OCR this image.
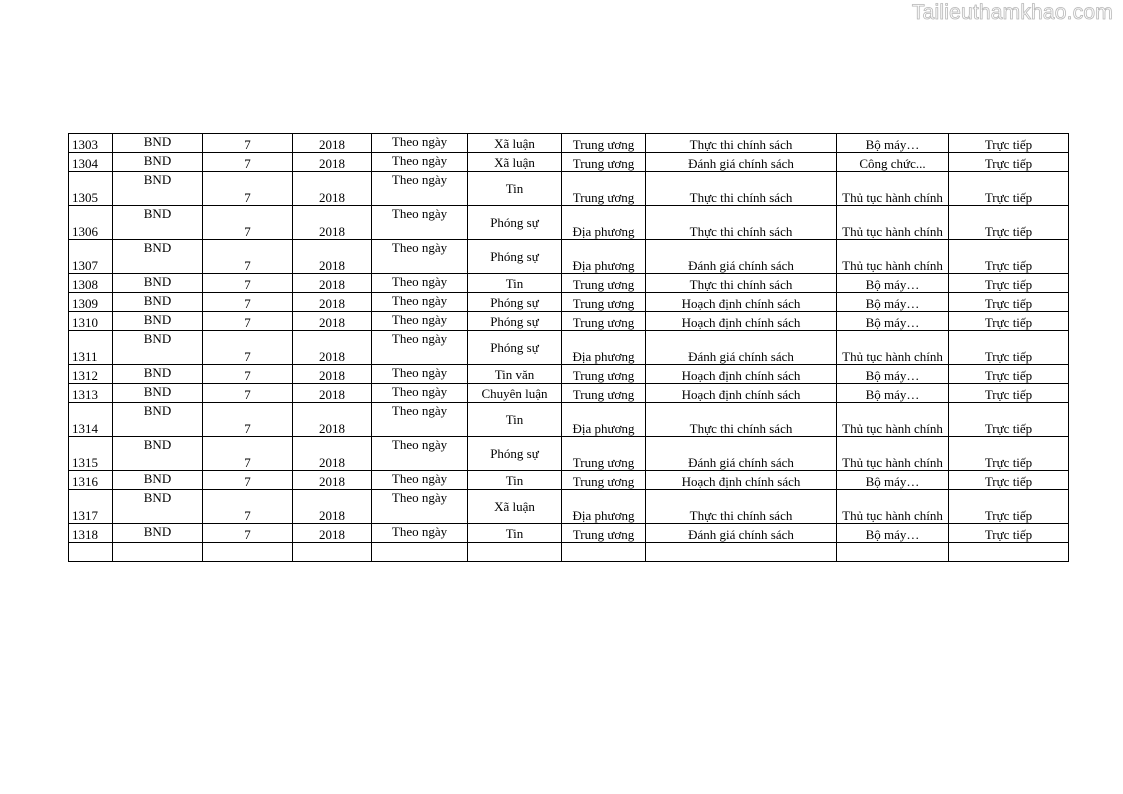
Tailieuthamkhao.com
1303	BND	7	2018	Theo ngày	Xã luận	Trung ương	Thực thi chính sách	Bộ máy…	Trực tiếp
1304	BND	7	2018	Theo ngày	Xã luận	Trung ương	Đánh giá chính sách	Công chức...	Trực tiếp
1305	BND	7	2018	Theo ngày	Tin	Trung ương	Thực thi chính sách	Thủ tục hành chính	Trực tiếp
1306	BND	7	2018	Theo ngày	Phóng sự	Địa phương	Thực thi chính sách	Thủ tục hành chính	Trực tiếp
1307	BND	7	2018	Theo ngày	Phóng sự	Địa phương	Đánh giá chính sách	Thủ tục hành chính	Trực tiếp
1308	BND	7	2018	Theo ngày	Tin	Trung ương	Thực thi chính sách	Bộ máy…	Trực tiếp
1309	BND	7	2018	Theo ngày	Phóng sự	Trung ương	Hoạch định chính sách	Bộ máy…	Trực tiếp
1310	BND	7	2018	Theo ngày	Phóng sự	Trung ương	Hoạch định chính sách	Bộ máy…	Trực tiếp
1311	BND	7	2018	Theo ngày	Phóng sự	Địa phương	Đánh giá chính sách	Thủ tục hành chính	Trực tiếp
1312	BND	7	2018	Theo ngày	Tin văn	Trung ương	Hoạch định chính sách	Bộ máy…	Trực tiếp
1313	BND	7	2018	Theo ngày	Chuyên luận	Trung ương	Hoạch định chính sách	Bộ máy…	Trực tiếp
1314	BND	7	2018	Theo ngày	Tin	Địa phương	Thực thi chính sách	Thủ tục hành chính	Trực tiếp
1315	BND	7	2018	Theo ngày	Phóng sự	Trung ương	Đánh giá chính sách	Thủ tục hành chính	Trực tiếp
1316	BND	7	2018	Theo ngày	Tin	Trung ương	Hoạch định chính sách	Bộ máy…	Trực tiếp
1317	BND	7	2018	Theo ngày	Xã luận	Địa phương	Thực thi chính sách	Thủ tục hành chính	Trực tiếp
1318	BND	7	2018	Theo ngày	Tin	Trung ương	Đánh giá chính sách	Bộ máy…	Trực tiếp
